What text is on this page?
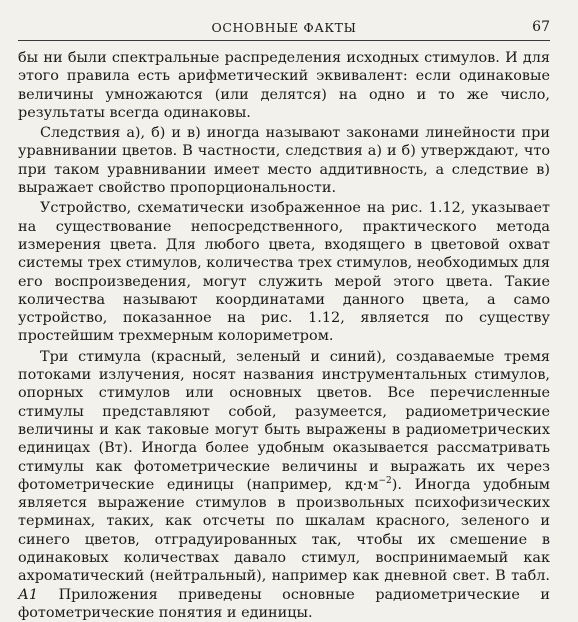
ОСНОВНЫЕ ФАКТЫ	67

бы ни были спектральные распределения исходных стимулов. И для этого правила есть арифметический эквивалент: если одинаковые величины умножаются (или делятся) на одно и то же число, результаты всегда одинаковы.

Следствия а), б) и в) иногда называют законами линейности при уравнивании цветов. В частности, следствия а) и б) утверждают, что при таком уравнивании имеет место аддитивность, а следствие в) выражает свойство пропорциональности.

Устройство, схематически изображенное на рис. 1.12, указывает на существование непосредственного, практического метода измерения цвета. Для любого цвета, входящего в цветовой охват системы трех стимулов, количества трех стимулов, необходимых для его воспроизведения, могут служить мерой этого цвета. Такие количества называют координатами данного цвета, а само устройство, показанное на рис. 1.12, является по существу простейшим трехмерным колориметром.

Три стимула (красный, зеленый и синий), создаваемые тремя потоками излучения, носят названия инструментальных стимулов, опорных стимулов или основных цветов. Все перечисленные стимулы представляют собой, разумеется, радиометрические величины и как таковые могут быть выражены в радиометрических единицах (Вт). Иногда более удобным оказывается рассматривать стимулы как фотометрические величины и выражать их через фотометрические единицы (например, $кд\cdot м^{-2}$). Иногда удобным является выражение стимулов в произвольных психофизических терминах, таких, как отсчеты по шкалам красного, зеленого и синего цветов, отградуированных так, чтобы их смешение в одинаковых количествах давало стимул, воспринимаемый как ахроматический (нейтральный), например как дневной свет. В табл. А1 Приложения приведены основные радиометрические и фотометрические понятия и единицы.
